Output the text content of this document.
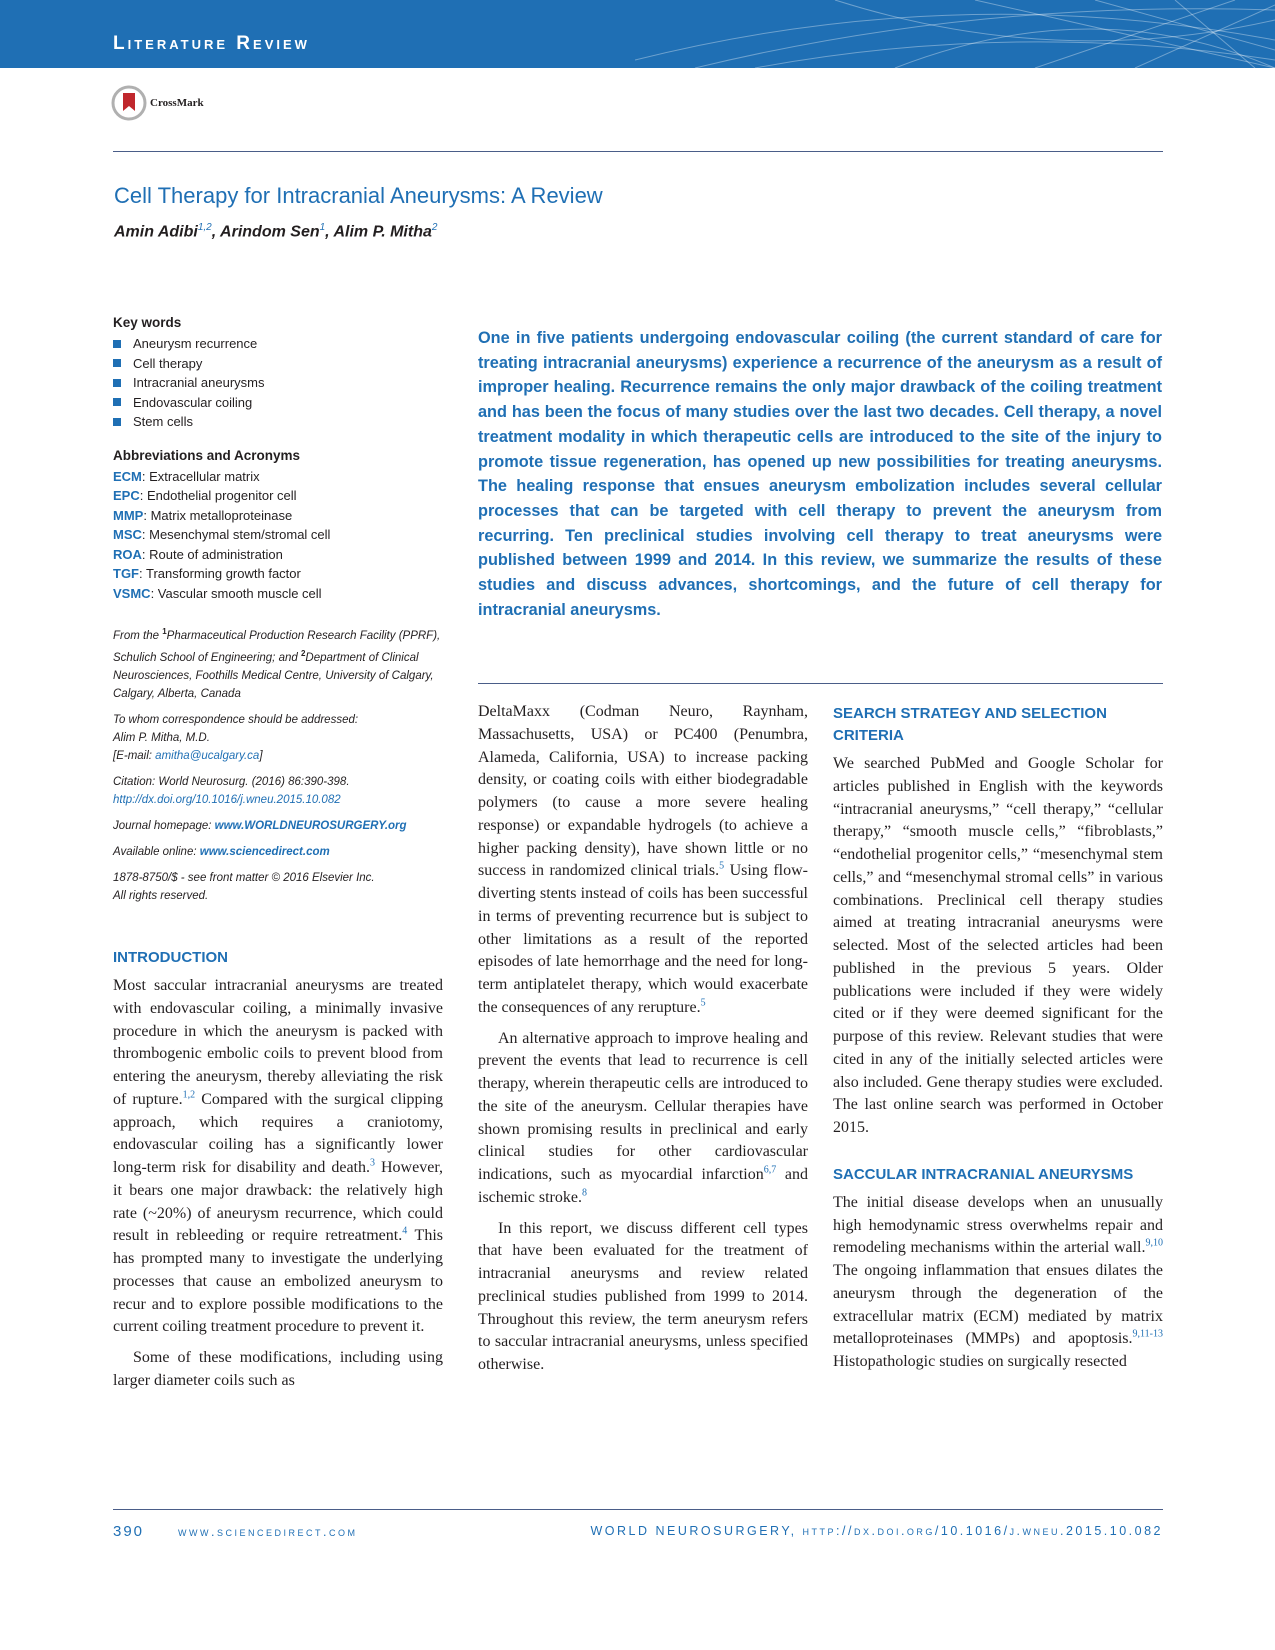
Literature Review
CrossMark
Cell Therapy for Intracranial Aneurysms: A Review
Amin Adibi$^{1,2}$, Arindom Sen$^1$, Alim P. Mitha$^2$
Key words
Aneurysm recurrence
Cell therapy
Intracranial aneurysms
Endovascular coiling
Stem cells
Abbreviations and Acronyms
ECM: Extracellular matrix
EPC: Endothelial progenitor cell
MMP: Matrix metalloproteinase
MSC: Mesenchymal stem/stromal cell
ROA: Route of administration
TGF: Transforming growth factor
VSMC: Vascular smooth muscle cell

From the $^1$Pharmaceutical Production Research Facility (PPRF), Schulich School of Engineering; and $^2$Department of Clinical Neurosciences, Foothills Medical Centre, University of Calgary, Calgary, Alberta, Canada

To whom correspondence should be addressed:
Alim P. Mitha, M.D.
[E-mail: amitha@ucalgary.ca]

Citation: World Neurosurg. (2016) 86:390-398.
http://dx.doi.org/10.1016/j.wneu.2015.10.082

Journal homepage: www.WORLDNEUROSURGERY.org

Available online: www.sciencedirect.com

1878-8750/$ - see front matter © 2016 Elsevier Inc.
All rights reserved.

One in five patients undergoing endovascular coiling (the current standard of care for treating intracranial aneurysms) experience a recurrence of the aneurysm as a result of improper healing. Recurrence remains the only major drawback of the coiling treatment and has been the focus of many studies over the last two decades. Cell therapy, a novel treatment modality in which therapeutic cells are introduced to the site of the injury to promote tissue regeneration, has opened up new possibilities for treating aneurysms. The healing response that ensues aneurysm embolization includes several cellular processes that can be targeted with cell therapy to prevent the aneurysm from recurring. Ten preclinical studies involving cell therapy to treat aneurysms were published between 1999 and 2014. In this review, we summarize the results of these studies and discuss advances, shortcomings, and the future of cell therapy for intracranial aneurysms.

INTRODUCTION

Most saccular intracranial aneurysms are treated with endovascular coiling, a minimally invasive procedure in which the aneurysm is packed with thrombogenic embolic coils to prevent blood from entering the aneurysm, thereby alleviating the risk of rupture.$^{1,2}$ Compared with the surgical clipping approach, which requires a craniotomy, endovascular coiling has a significantly lower long-term risk for disability and death.$^3$ However, it bears one major drawback: the relatively high rate (~20%) of aneurysm recurrence, which could result in rebleeding or require retreatment.$^4$ This has prompted many to investigate the underlying processes that cause an embolized aneurysm to recur and to explore possible modifications to the current coiling treatment procedure to prevent it.

Some of these modifications, including using larger diameter coils such as

DeltaMaxx (Codman Neuro, Raynham, Massachusetts, USA) or PC400 (Penumbra, Alameda, California, USA) to increase packing density, or coating coils with either biodegradable polymers (to cause a more severe healing response) or expandable hydrogels (to achieve a higher packing density), have shown little or no success in randomized clinical trials.$^5$ Using flow-diverting stents instead of coils has been successful in terms of preventing recurrence but is subject to other limitations as a result of the reported episodes of late hemorrhage and the need for long-term antiplatelet therapy, which would exacerbate the consequences of any rerupture.$^5$

An alternative approach to improve healing and prevent the events that lead to recurrence is cell therapy, wherein therapeutic cells are introduced to the site of the aneurysm. Cellular therapies have shown promising results in preclinical and early clinical studies for other cardiovascular indications, such as myocardial infarction$^{6,7}$ and ischemic stroke.$^8$

In this report, we discuss different cell types that have been evaluated for the treatment of intracranial aneurysms and review related preclinical studies published from 1999 to 2014. Throughout this review, the term aneurysm refers to saccular intracranial aneurysms, unless specified otherwise.

SEARCH STRATEGY AND SELECTION CRITERIA

We searched PubMed and Google Scholar for articles published in English with the keywords “intracranial aneurysms,” “cell therapy,” “cellular therapy,” “smooth muscle cells,” “fibroblasts,” “endothelial progenitor cells,” “mesenchymal stem cells,” and “mesenchymal stromal cells” in various combinations. Preclinical cell therapy studies aimed at treating intracranial aneurysms were selected. Most of the selected articles had been published in the previous 5 years. Older publications were included if they were widely cited or if they were deemed significant for the purpose of this review. Relevant studies that were cited in any of the initially selected articles were also included. Gene therapy studies were excluded. The last online search was performed in October 2015.

SACCULAR INTRACRANIAL ANEURYSMS

The initial disease develops when an unusually high hemodynamic stress overwhelms repair and remodeling mechanisms within the arterial wall.$^{9,10}$ The ongoing inflammation that ensues dilates the aneurysm through the degeneration of the extracellular matrix (ECM) mediated by matrix metalloproteinases (MMPs) and apoptosis.$^{9,11-13}$ Histopathologic studies on surgically resected

390	www.sciencedirect.com	WORLD NEUROSURGERY, http://dx.doi.org/10.1016/j.wneu.2015.10.082
